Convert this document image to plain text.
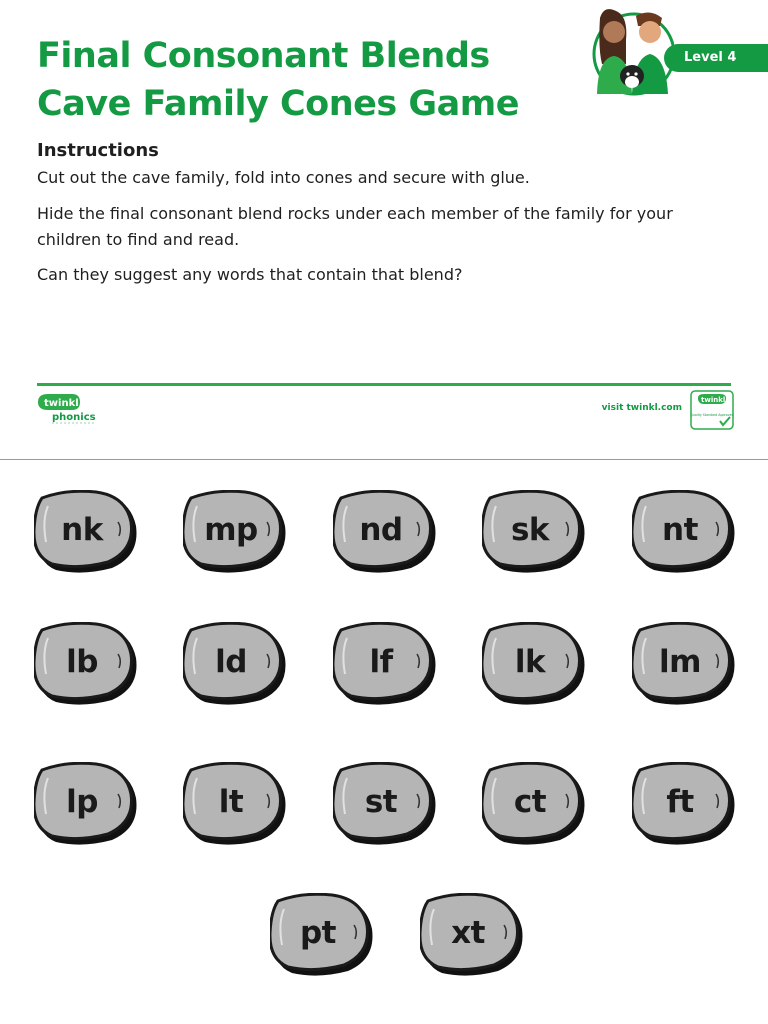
Final Consonant Blends
Cave Family Cones Game
Level 4
Instructions

Cut out the cave family, fold into cones and secure with glue.

Hide the final consonant blend rocks under each member of the family for your children to find and read.

Can they suggest any words that contain that blend?

twinkl
phonics
visit twinkl.com
twinkl
Quality Standard Approved
nk	mp	nd	sk	nt
lb	ld	lf	lk	lm
lp	lt	st	ct	ft
pt	xt
